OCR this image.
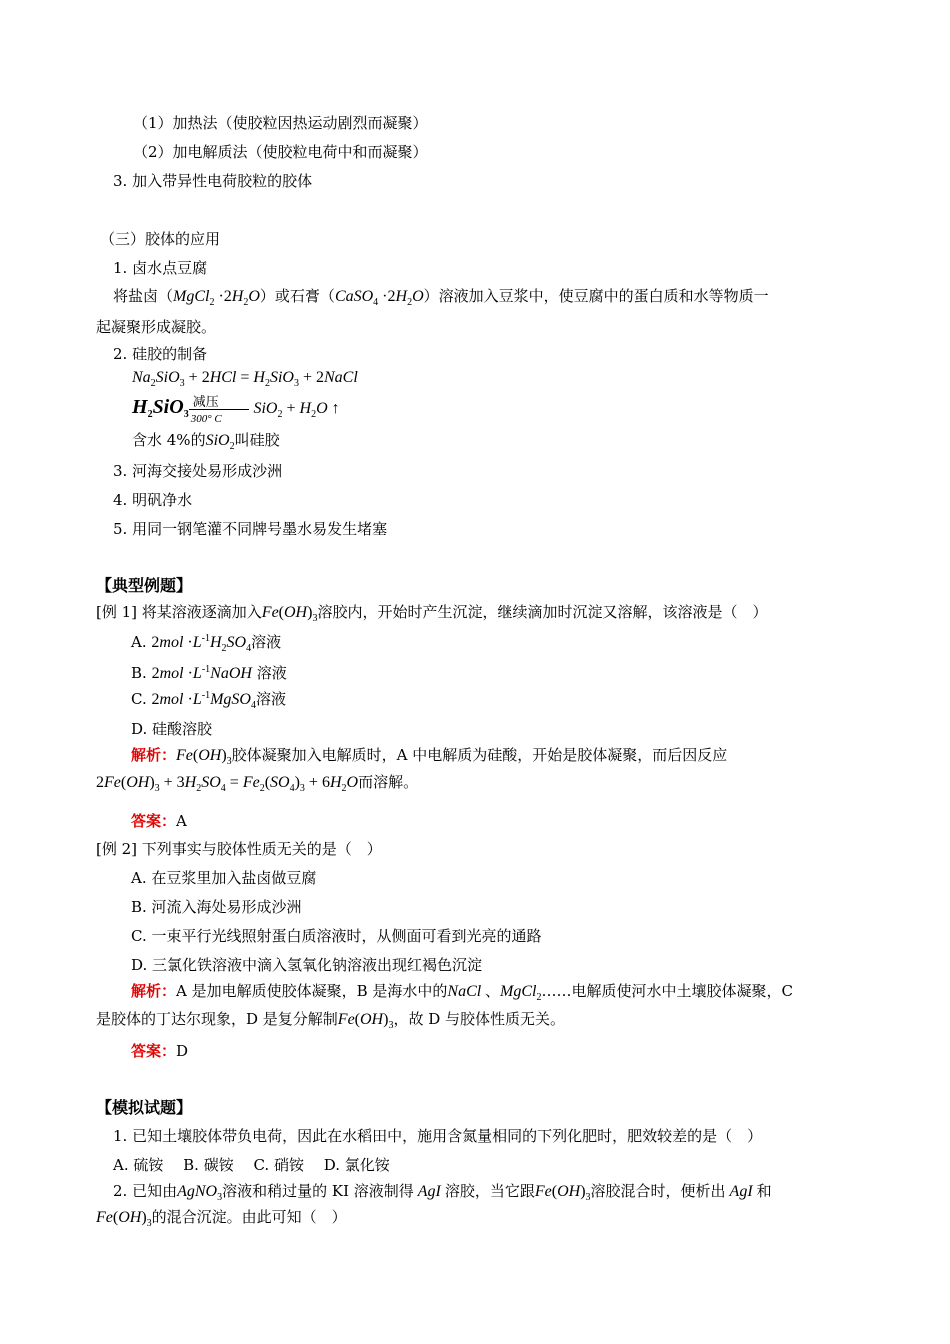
（1）加热法（使胶粒因热运动剧烈而凝聚）
（2）加电解质法（使胶粒电荷中和而凝聚）
3. 加入带异性电荷胶粒的胶体
（三）胶体的应用
1. 卤水点豆腐
将盐卤（MgCl$_2$ $\cdot 2H_2O$）或石膏（CaSO$_4$ $\cdot 2H_2O$）溶液加入豆浆中，使豆腐中的蛋白质和水等物质一
起凝聚形成凝胶。
2. 硅胶的制备
$Na_2SiO_3 + 2HCl = H_2SiO_3$ + 2NaCl
$H_2SiO_3$
减压
300° C
$SiO_2 + H_2O$ ↑
含水 4%的SiO$_2$叫硅胶
3. 河海交接处易形成沙洲
4. 明矾净水
5. 用同一钢笔灌不同牌号墨水易发生堵塞
【典型例题】
[例 1] 将某溶液逐滴加入$Fe(OH)_3$溶胶内，开始时产生沉淀，继续滴加时沉淀又溶解，该溶液是（　）
A. $2mol \cdot L^{-1}H_2SO_4$溶液
B. $2mol \cdot L^{-1}NaOH$ 溶液
C. $2mol \cdot L^{-1}MgSO_4$溶液
D. 硅酸溶胶
解析：$Fe(OH)_3$胶体凝聚加入电解质时，A 中电解质为硅酸，开始是胶体凝聚，而后因反应
$2Fe(OH)_3 + 3H_2SO_4 = Fe_2(SO_4)_3 + 6H_2O$而溶解。
答案：A
[例 2] 下列事实与胶体性质无关的是（　）
A. 在豆浆里加入盐卤做豆腐
B. 河流入海处易形成沙洲
C. 一束平行光线照射蛋白质溶液时，从侧面可看到光亮的通路
D. 三氯化铁溶液中滴入氢氧化钠溶液出现红褐色沉淀
解析：A 是加电解质使胶体凝聚，B 是海水中的NaCl 、MgCl$_2$……电解质使河水中土壤胶体凝聚，C
是胶体的丁达尔现象，D 是复分解制$Fe(OH)_3$，故 D 与胶体性质无关。
答案：D
【模拟试题】
1. 已知土壤胶体带负电荷，因此在水稻田中，施用含氮量相同的下列化肥时，肥效较差的是（　）
A. 硫铵　 B. 碳铵　 C. 硝铵　 D. 氯化铵
2. 已知由AgNO$_3$溶液和稍过量的 KI 溶液制得 AgI 溶胶，当它跟$Fe(OH)_3$溶胶混合时，便析出 AgI 和
$Fe(OH)_3$的混合沉淀。由此可知（　）
